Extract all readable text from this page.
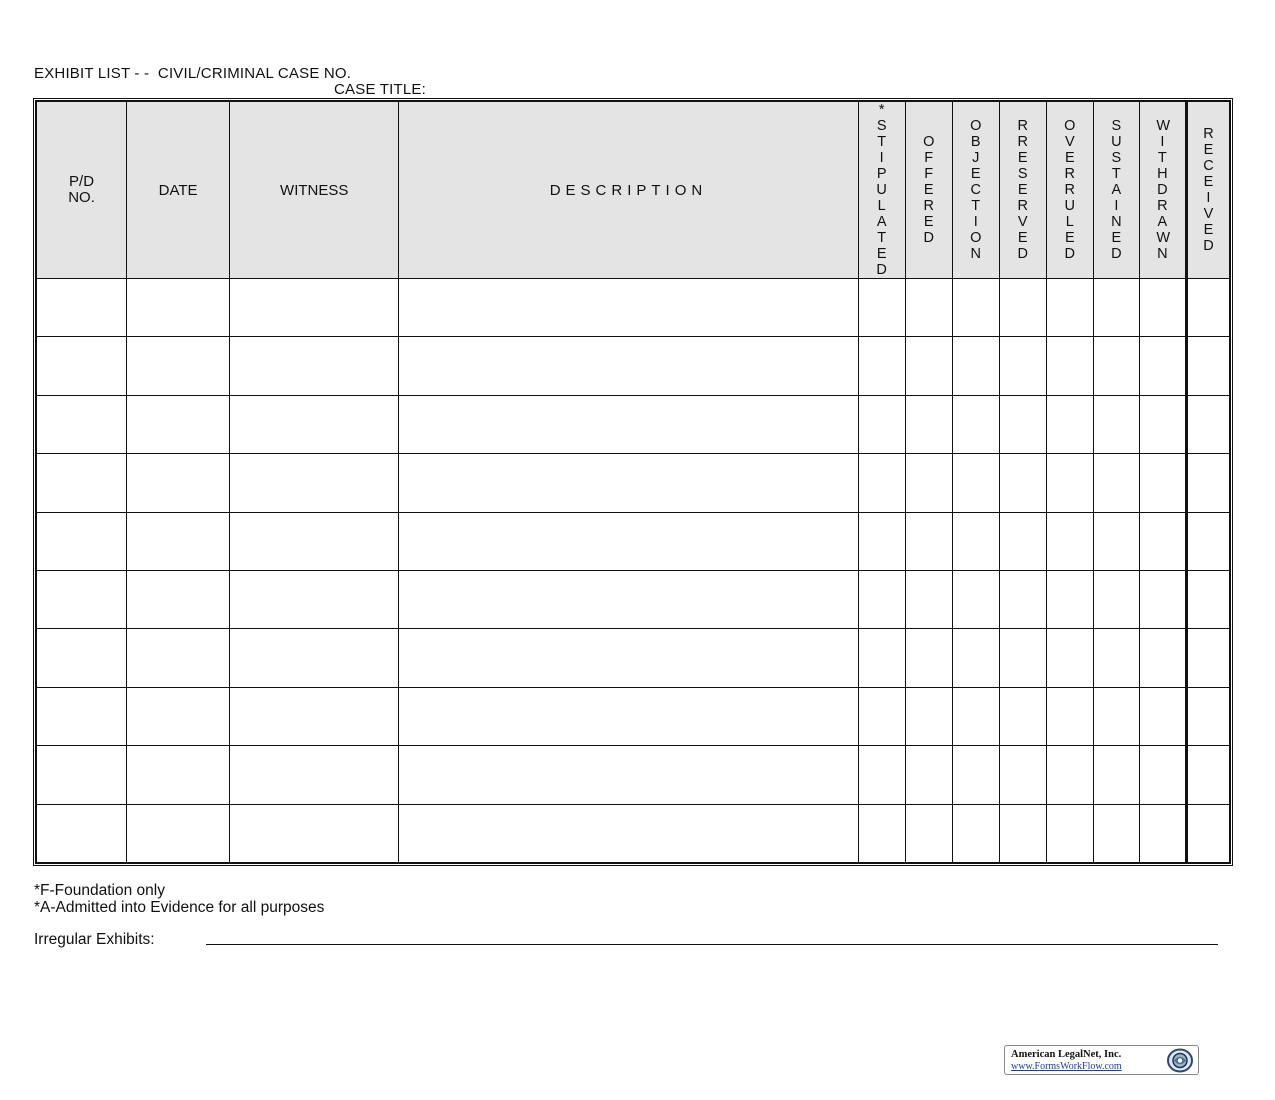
EXHIBIT LIST - -  CIVIL/CRIMINAL CASE NO.
CASE TITLE:
P/D NO.	DATE	WITNESS	DESCRIPTION	*STIPULATED	OFFERED	OBJECTION	R RESERVED	OVERRULED	SUSTAINED	WITHDRAWN	RECEIVED

*F-Foundation only
*A-Admitted into Evidence for all purposes
Irregular Exhibits:
American LegalNet, Inc.
www.FormsWorkFlow.com
